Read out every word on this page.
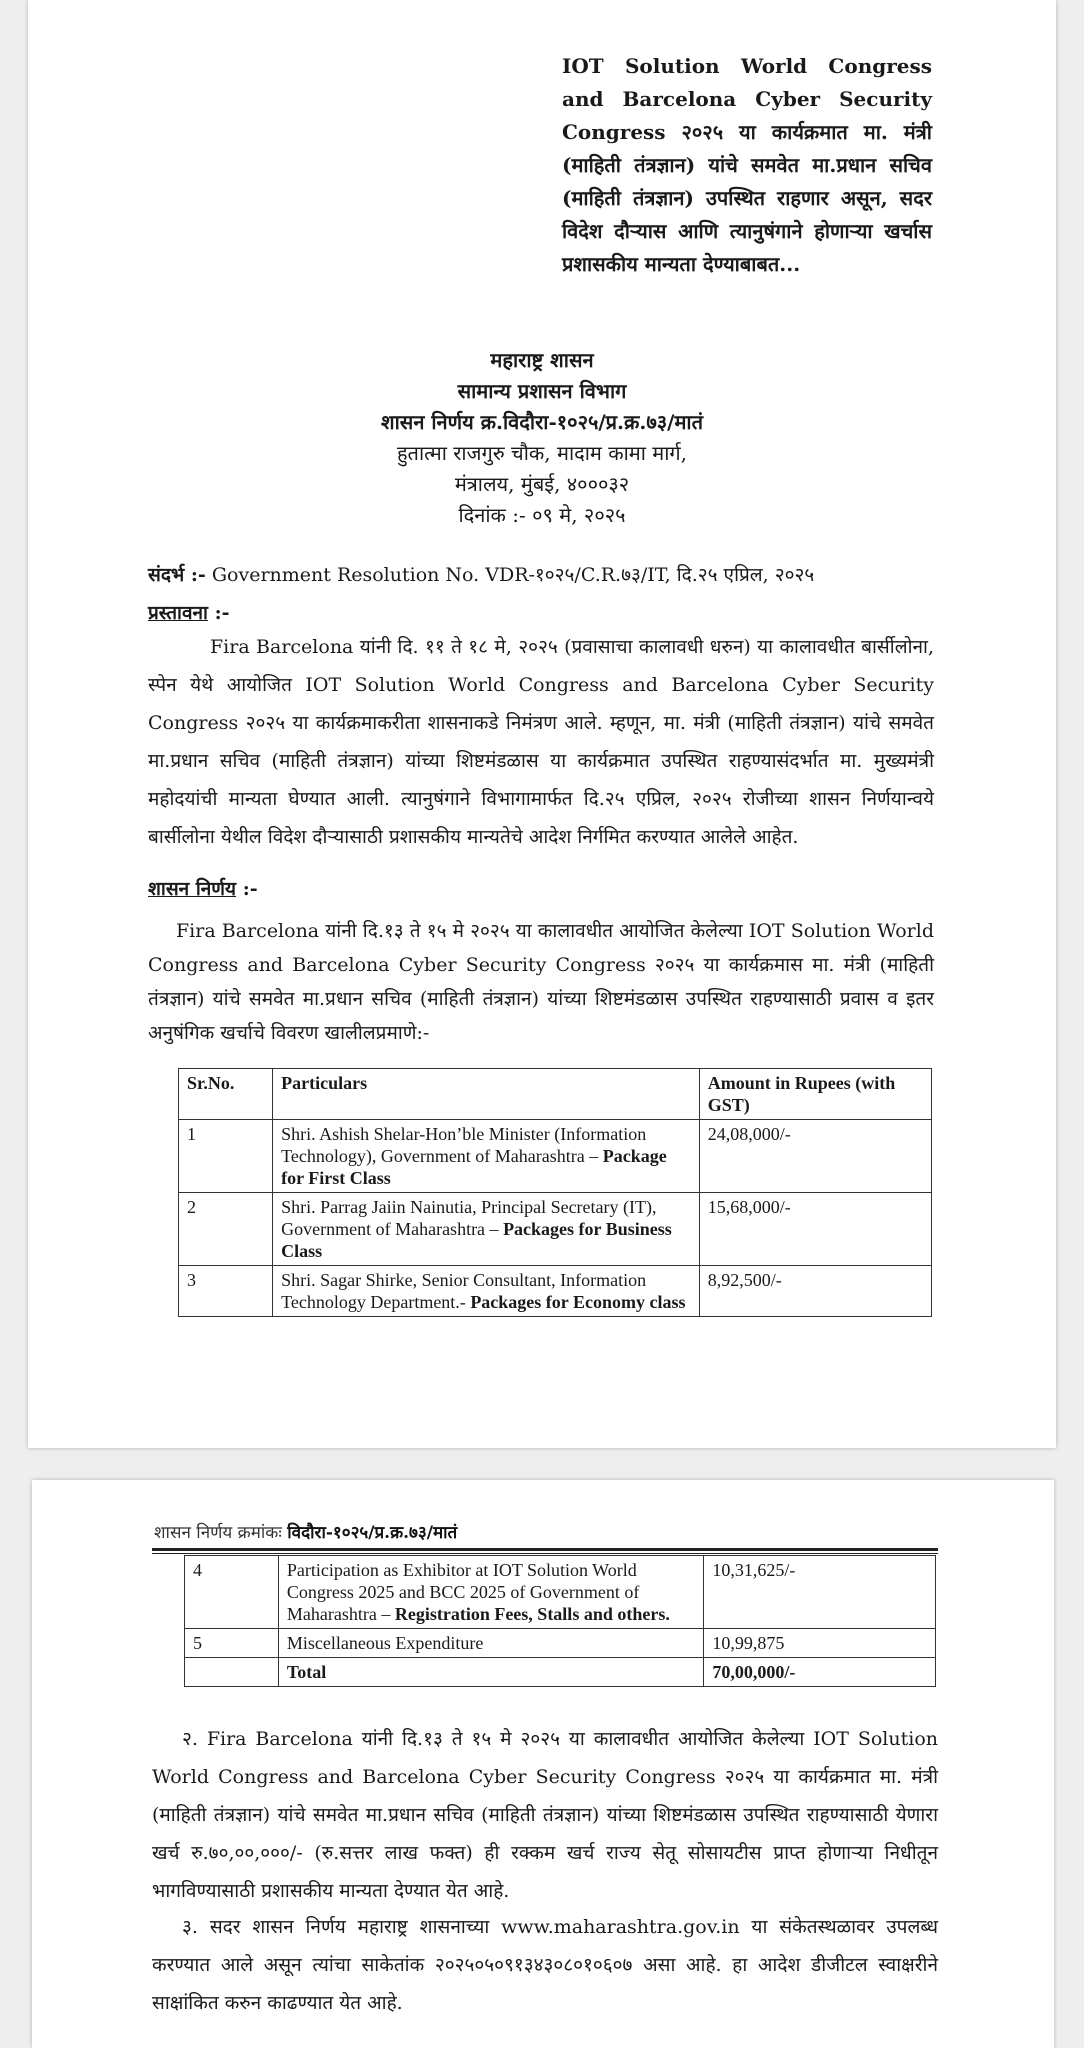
IOT Solution World Congress and Barcelona Cyber Security Congress २०२५ या कार्यक्रमात मा. मंत्री (माहिती तंत्रज्ञान) यांचे समवेत मा.प्रधान सचिव (माहिती तंत्रज्ञान) उपस्थित राहणार असून, सदर विदेश दौऱ्यास आणि त्यानुषंगाने होणाऱ्या खर्चास प्रशासकीय मान्यता देण्याबाबत...
महाराष्ट्र शासन
सामान्य प्रशासन विभाग
शासन निर्णय क्र.विदौरा-१०२५/प्र.क्र.७३/मातं
हुतात्मा राजगुरु चौक, मादाम कामा मार्ग,
मंत्रालय, मुंबई, ४०००३२
दिनांक :- ०९ मे, २०२५
संदर्भ :- Government Resolution No. VDR-१०२५/C.R.७३/IT, दि.२५ एप्रिल, २०२५
प्रस्तावना :-
Fira Barcelona यांनी दि. ११ ते १८ मे, २०२५ (प्रवासाचा कालावधी धरुन) या कालावधीत बार्सीलोना, स्पेन येथे आयोजित IOT Solution World Congress and Barcelona Cyber Security Congress २०२५ या कार्यक्रमाकरीता शासनाकडे निमंत्रण आले. म्हणून, मा. मंत्री (माहिती तंत्रज्ञान) यांचे समवेत मा.प्रधान सचिव (माहिती तंत्रज्ञान) यांच्या शिष्टमंडळास या कार्यक्रमात उपस्थित राहण्यासंदर्भात मा. मुख्यमंत्री महोदयांची मान्यता घेण्यात आली. त्यानुषंगाने विभागामार्फत दि.२५ एप्रिल, २०२५ रोजीच्या शासन निर्णयान्वये बार्सीलोना येथील विदेश दौऱ्यासाठी प्रशासकीय मान्यतेचे आदेश निर्गमित करण्यात आलेले आहेत.
शासन निर्णय :-
Fira Barcelona यांनी दि.१३ ते १५ मे २०२५ या कालावधीत आयोजित केलेल्या IOT Solution World Congress and Barcelona Cyber Security Congress २०२५ या कार्यक्रमास मा. मंत्री (माहिती तंत्रज्ञान) यांचे समवेत मा.प्रधान सचिव (माहिती तंत्रज्ञान) यांच्या शिष्टमंडळास उपस्थित राहण्यासाठी प्रवास व इतर अनुषंगिक खर्चाचे विवरण खालीलप्रमाणे:-
Sr.No.	Particulars	Amount in Rupees (with GST)
1	Shri. Ashish Shelar-Hon’ble Minister (Information Technology), Government of Maharashtra – Package for First Class	24,08,000/-
2	Shri. Parrag Jaiin Nainutia, Principal Secretary (IT), Government of Maharashtra – Packages for Business Class	15,68,000/-
3	Shri. Sagar Shirke, Senior Consultant, Information Technology Department.- Packages for Economy class	8,92,500/-
शासन निर्णय क्रमांकः विदौरा-१०२५/प्र.क्र.७३/मातं
4	Participation as Exhibitor at IOT Solution World Congress 2025 and BCC 2025 of Government of Maharashtra – Registration Fees, Stalls and others.	10,31,625/-
5	Miscellaneous Expenditure	10,99,875
	Total	70,00,000/-
२. Fira Barcelona यांनी दि.१३ ते १५ मे २०२५ या कालावधीत आयोजित केलेल्या IOT Solution World Congress and Barcelona Cyber Security Congress २०२५ या कार्यक्रमात मा. मंत्री (माहिती तंत्रज्ञान) यांचे समवेत मा.प्रधान सचिव (माहिती तंत्रज्ञान) यांच्या शिष्टमंडळास उपस्थित राहण्यासाठी येणारा खर्च रु.७०,००,०००/- (रु.सत्तर लाख फक्त) ही रक्कम खर्च राज्य सेतू सोसायटीस प्राप्त होणाऱ्या निधीतून भागविण्यासाठी प्रशासकीय मान्यता देण्यात येत आहे.
३. सदर शासन निर्णय महाराष्ट्र शासनाच्या www.maharashtra.gov.in या संकेतस्थळावर उपलब्ध करण्यात आले असून त्यांचा साकेतांक २०२५०५०९१३४३०८०१०६०७ असा आहे. हा आदेश डीजीटल स्वाक्षरीने साक्षांकित करुन काढण्यात येत आहे.
